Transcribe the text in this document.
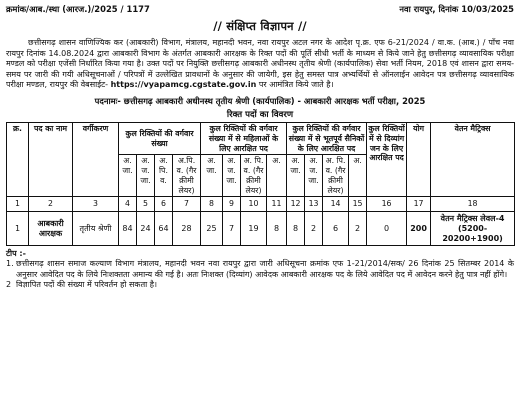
क्रमांक/आब./स्था (आरज.)/2025 / 1177	नवा रायपुर, दिनांक 10/03/2025
// संक्षिप्त विज्ञापन //

छत्तीसगढ़ शासन वाणिज्यिक कर (आबकारी) विभाग, मंत्रालय, महानदी भवन, नवा रायपुर अटल नगर के आदेश पृ.क्र. एफ 6-21/2024 / वा.क. (आब.) / पाँच नवा रायपुर दिनांक 14.08.2024 द्वारा आबकारी विभाग के अंतर्गत आबकारी आरक्षक के रिक्त पदों की पूर्ति सीधी भर्ती के माध्यम से किये जाने हेतु छत्तीसगढ़ व्यावसायिक परीक्षा मण्डल को परीक्षा एजेंसी निर्धारित किया गया है। उक्त पदों पर नियुक्ति छत्तीसगढ़ आबकारी अधीनस्थ तृतीय श्रेणी (कार्यपालिक) सेवा भर्ती नियम, 2018 एवं शासन द्वारा समय-समय पर जारी की गयी अधिसूचनाओं / परिपत्रों में उल्लेखित प्रावधानों के अनुसार की जायेगी, इस हेतु समस्त पात्र अभ्यर्थियों से ऑनलाईन आवेदन पत्र छत्तीसगढ़ व्यावसायिक परीक्षा मण्डल, रायपुर की वेबसाईट- https://vyapamcg.cgstate.gov.in पर आमंत्रित किये जाते है।

पदनामः- छत्तीसगढ़ आबकारी अधीनस्थ तृतीय श्रेणी (कार्यपालिक) - आबकारी आरक्षक भर्ती परीक्षा, 2025
रिक्त पदों का विवरण
क्र.	पद का नाम	वर्गीकरण	कुल रिक्तियों की वर्गवार संख्या				कुल रिक्तियों की वर्गवार संख्या में से महिलाओं के लिए आरक्षित पद				कुल रिक्तियों की वर्गवार संख्या में से भूतपूर्व सैनिकों के लिए आरक्षित पद				कुल रिक्तियों में से दिव्यांग जन के लिए आरक्षित पद	योग	वेतन मैट्रिक्स
			अ. जा.	अ. ज. जा.	अ. पि. व.	अ.पि. व. (गैर क्रीमी लेयर)	अ. जा.	अ. ज. जा.	अ. पि. व. (गैर क्रीमी लेयर)	अ.	अ. जा.	अ. ज. जा.	अ. पि. व. (गैर क्रीमी लेयर)	अ.			
1	2	3	4	5	6	7	8	9	10	11	12	13	14	15	16	17	18
1	आबकारी आरक्षक	तृतीय श्रेणी	84	24	64	28	25	7	19	8	8	2	6	2	0	200	वेतन मैट्रिक्स लेवल-4 (5200-20200+1900)
टीप :-
1. छत्तीसगढ़ शासन समाज कल्याण विभाग मंत्रालय, महानदी भवन नवा रायपुर द्वारा जारी अधिसूचना क्रमांक एफ 1-21/2014/सक/ 26 दिनांक 25 सितम्बर 2014 के अनुसार आवेदित पद के लिये निःशक्तता अमान्य की गई है। अतः निःशक्त (दिव्यांग) आवेदक आबकारी आरक्षक पद के लिये आवेदित पद में आवेदन करने हेतु पात्र नहीं होंगे।
2 विज्ञापित पदों की संख्या में परिवर्तन हो सकता है।
